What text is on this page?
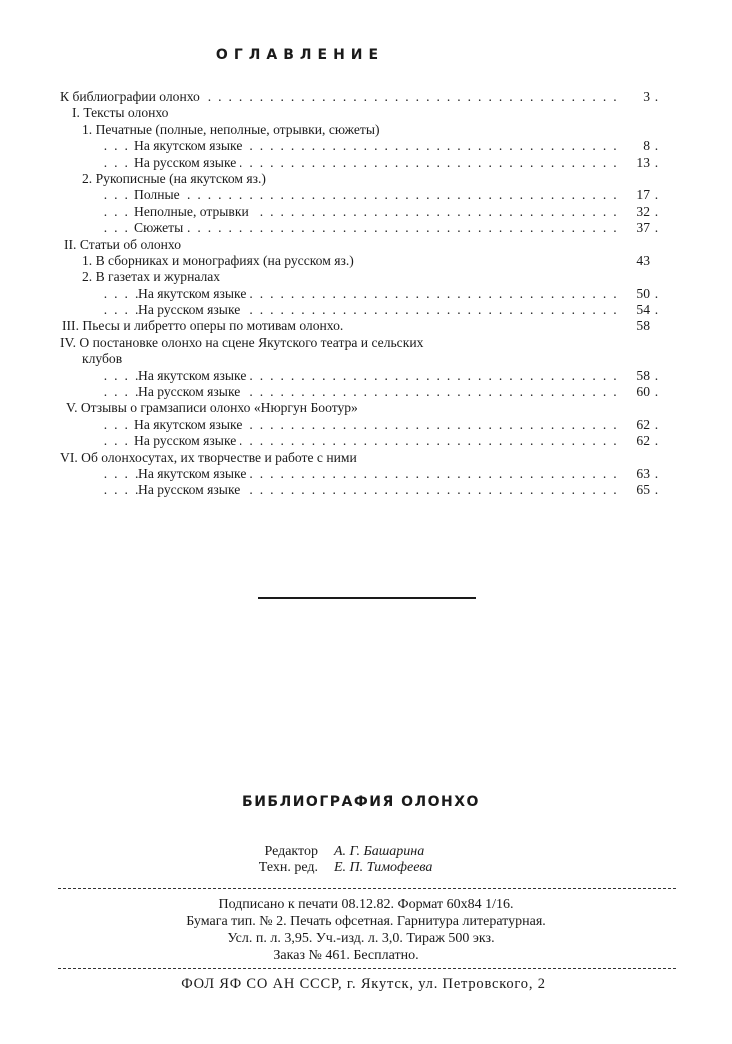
ОГЛАВЛЕНИЕ
. . .
К библиографии олонхо	3
I. Тексты олонхо
1. Печатные (полные, неполные, отрывки, сюжеты)
. . .
На якутском языке	8
. . .
На русском языке	13
2. Рукописные (на якутском яз.)
. . .
Полные	17
. . .
Неполные, отрывки	32
. . .
Сюжеты	37
II. Статьи об олонхо
1. В сборниках и монографиях (на русском яз.)	43
2. В газетах и журналах
. . .
На якутском языке	50
. . .
На русском языке	54
III. Пьесы и либретто оперы по мотивам олонхо.	58
IV. О постановке олонхо на сцене Якутского театра и сельских
клубов
. . .
На якутском языке	58
. . .
На русском языке	60
V. Отзывы о грамзаписи олонхо «Нюргун Боотур»
. . .
На якутском языке	62
. . .
На русском языке	62
VI. Об олонхосутах, их творчестве и работе с ними
. . .
На якутском языке	63
. . .
На русском языке	65
БИБЛИОГРАФИЯ ОЛОНХО
Редактор А. Г. Башарина
Техн. ред. Е. П. Тимофеева
Подписано к печати 08.12.82. Формат 60x84 1/16.
Бумага тип. № 2. Печать офсетная. Гарнитура литературная.
Усл. п. л. 3,95. Уч.-изд. л. 3,0. Тираж 500 экз.
Заказ № 461. Бесплатно.
ФОЛ ЯФ СО АН СССР, г. Якутск, ул. Петровского, 2
